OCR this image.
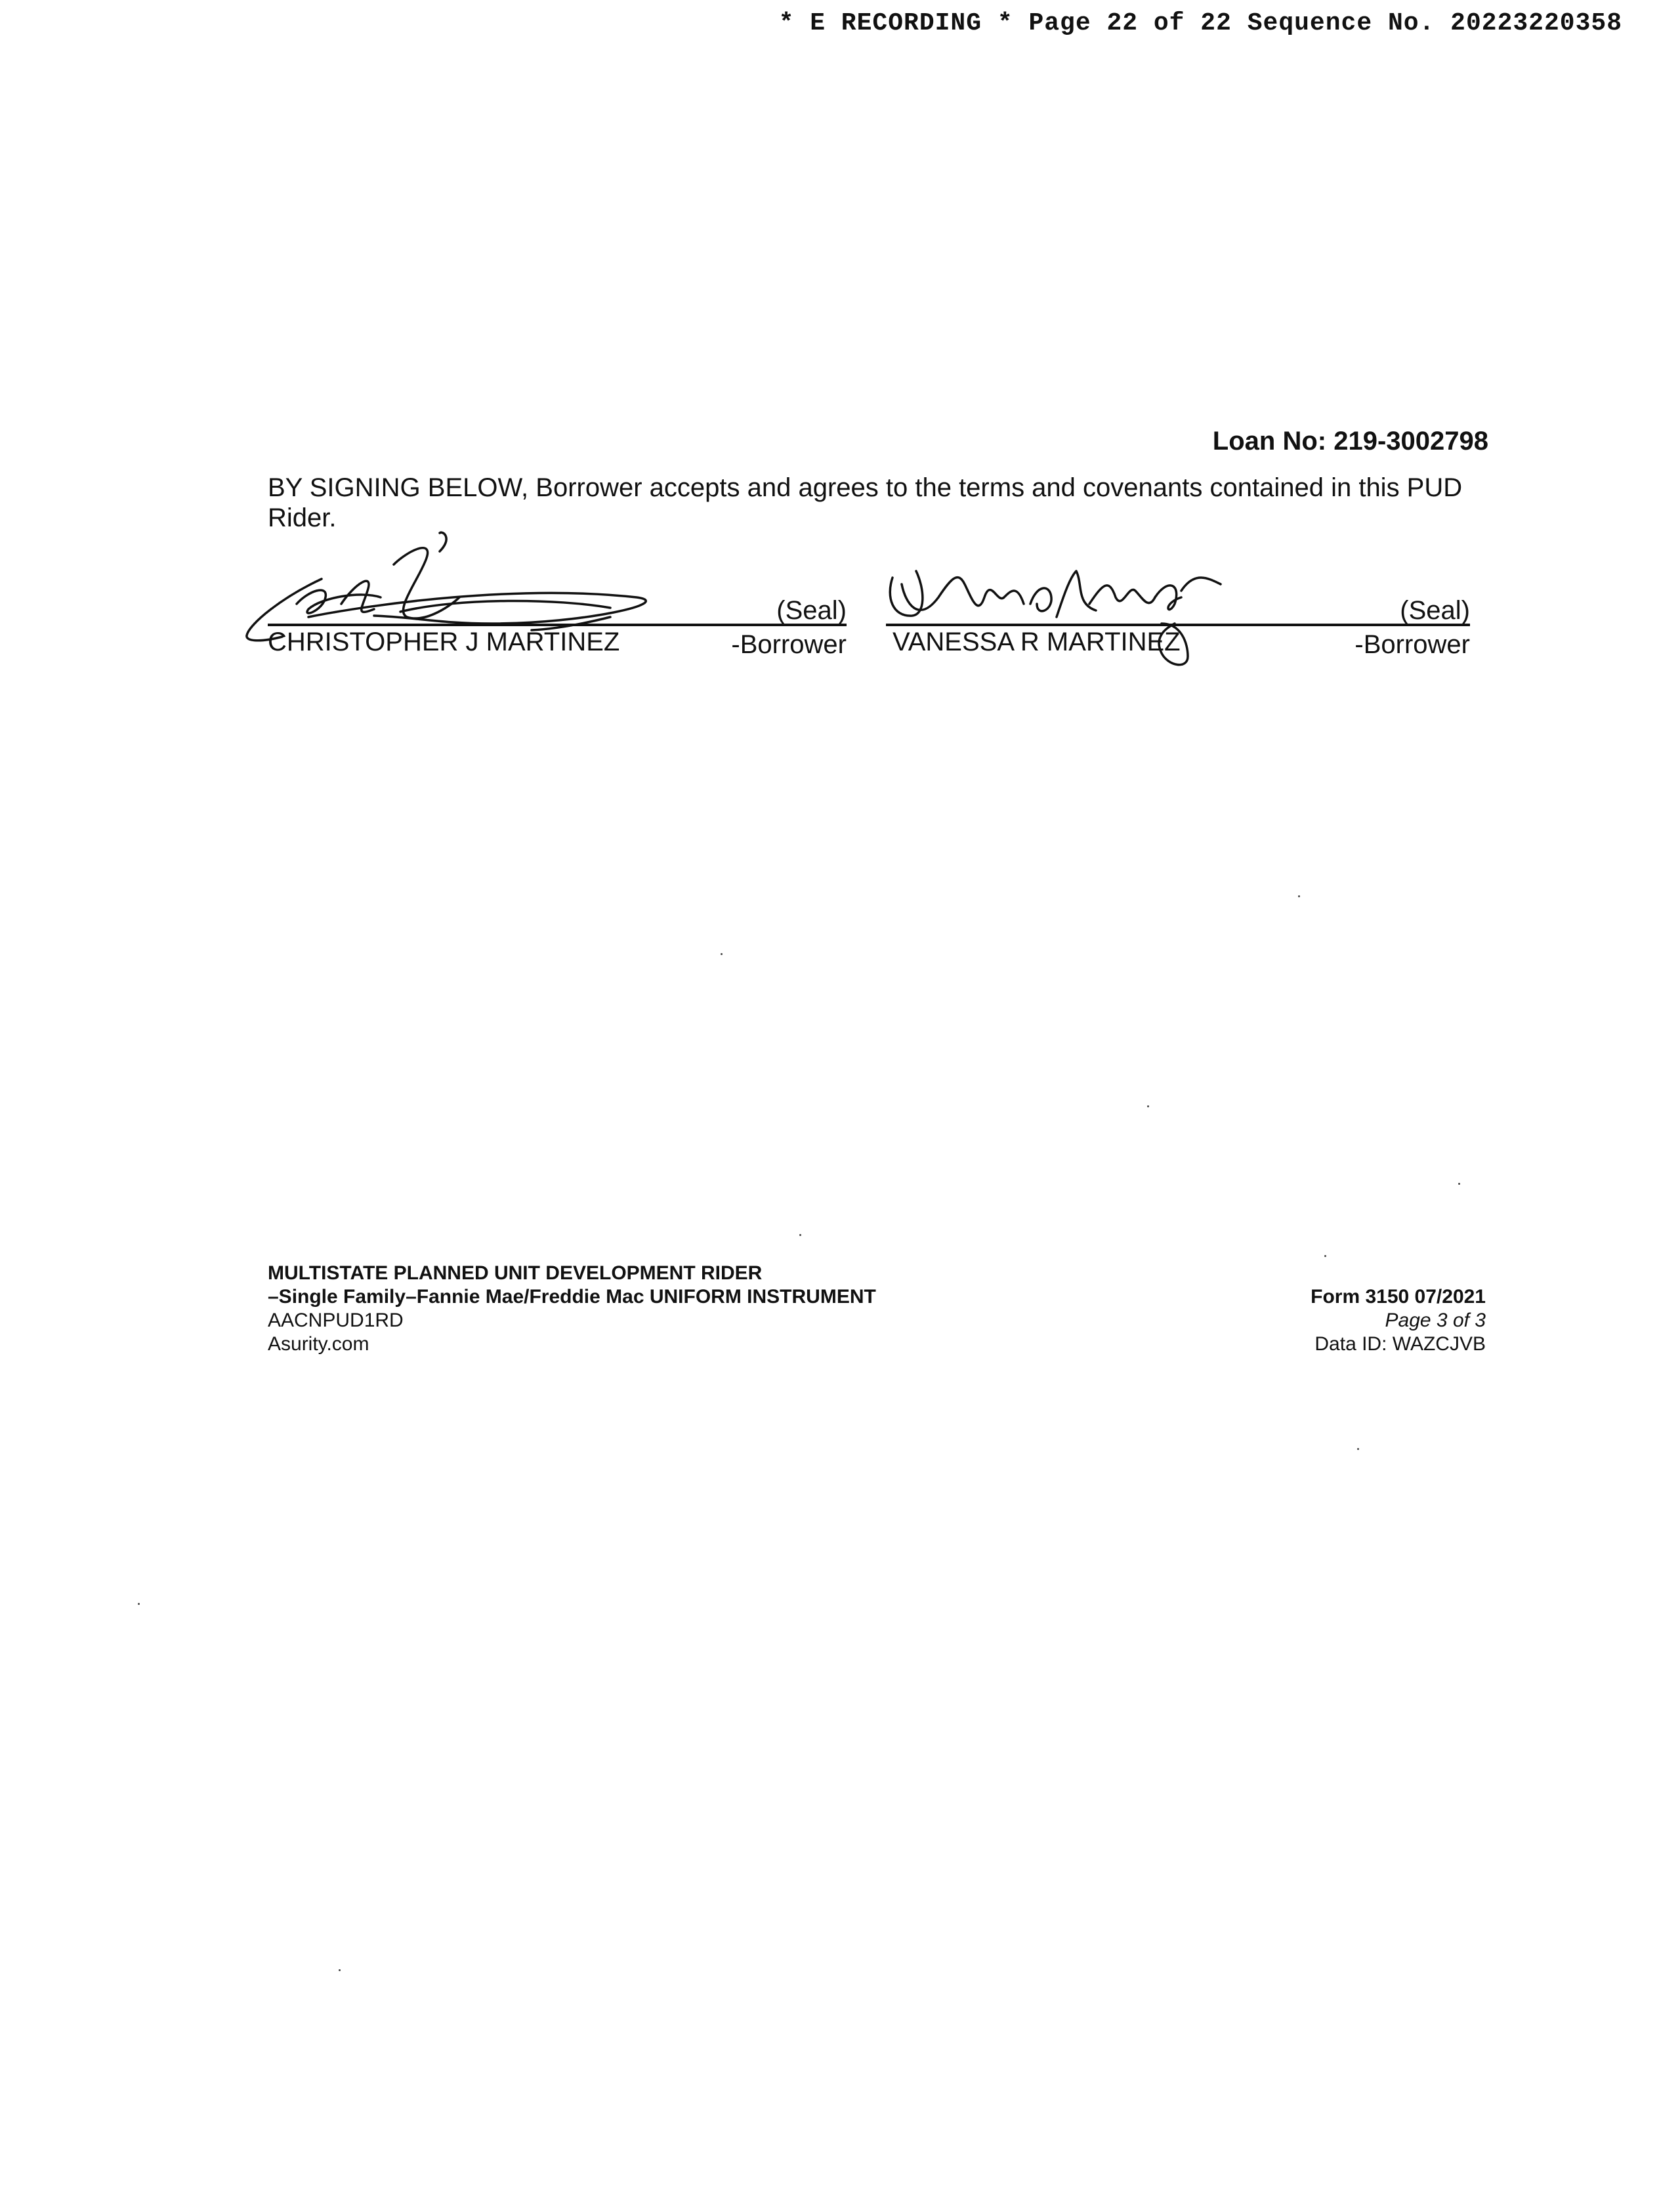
* E RECORDING * Page 22 of 22 Sequence No. 20223220358
Loan No: 219-3002798
BY SIGNING BELOW, Borrower accepts and agrees to the terms and covenants contained in this PUD
Rider.
(Seal)
CHRISTOPHER J MARTINEZ	-Borrower
(Seal)
VANESSA R MARTINEZ	-Borrower
MULTISTATE PLANNED UNIT DEVELOPMENT RIDER
–Single Family–Fannie Mae/Freddie Mac UNIFORM INSTRUMENT
AACNPUD1RD
Asurity.com
Form 3150 07/2021
Page 3 of 3
Data ID: WAZCJVB
